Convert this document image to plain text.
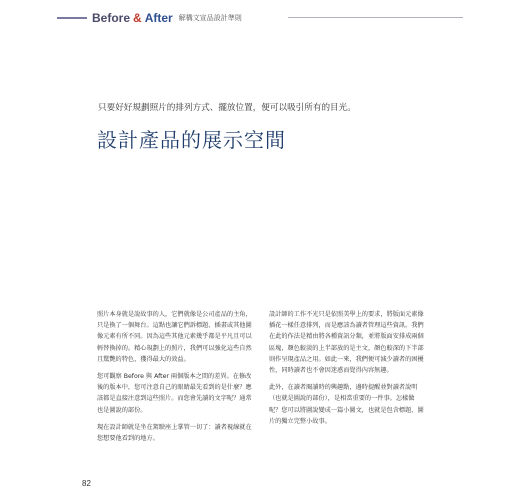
Before & After 解構文宣品設計準則
只要好好規劃照片的排列方式、擺放位置，便可以吸引所有的目光。
設計產品的展示空間

照片本身就是說故事的人，它們就像是公司產品的主角，只是換了一個舞台。這點也讓它們訴標題、插畫或其他圖像元素有所不同。因為這些其他元素幾乎都是平凡且可以輕替換掉的。精心規劃上的照片，我們可以強化這些自然且驚艷的特色，獲得最大的效益。

您可觀察 Before 與 After 兩個版本之間的差異。在修改後的版本中，您可注意自己的眼睛最先看到的是什麼？應該都是直接注意到這些照片。而您會先讀的文字呢？通常也是圖說的部份。

現在設計師就是坐在駕駛座上掌管一切了：讀者視線就在您想要他看到的地方。

設計師的工作不光只是依照美學上的要求，將版面元素像插花一樣任意排列，而是應該為讀者管理這些資訊。我們在此的作法是精由將各種資訊分類，並將版面安排成兩個區塊，顏色較淡的上半部放的是主文，顏色較深的下半部則作呈現產品之用。如此一來，我們便可減少讀者的困擾性，同時讀者也不會因迷惑而覺得內容無趣。

此外，在讀者閱讀時的興趣點，邊時提醒並對讀者說明（也就是圖說的部份），是相當重要的一件事。怎樣做呢？您可以將圖說變成一篇小圖文，也就是包含標題、圖片的獨立完整小故事。

82
